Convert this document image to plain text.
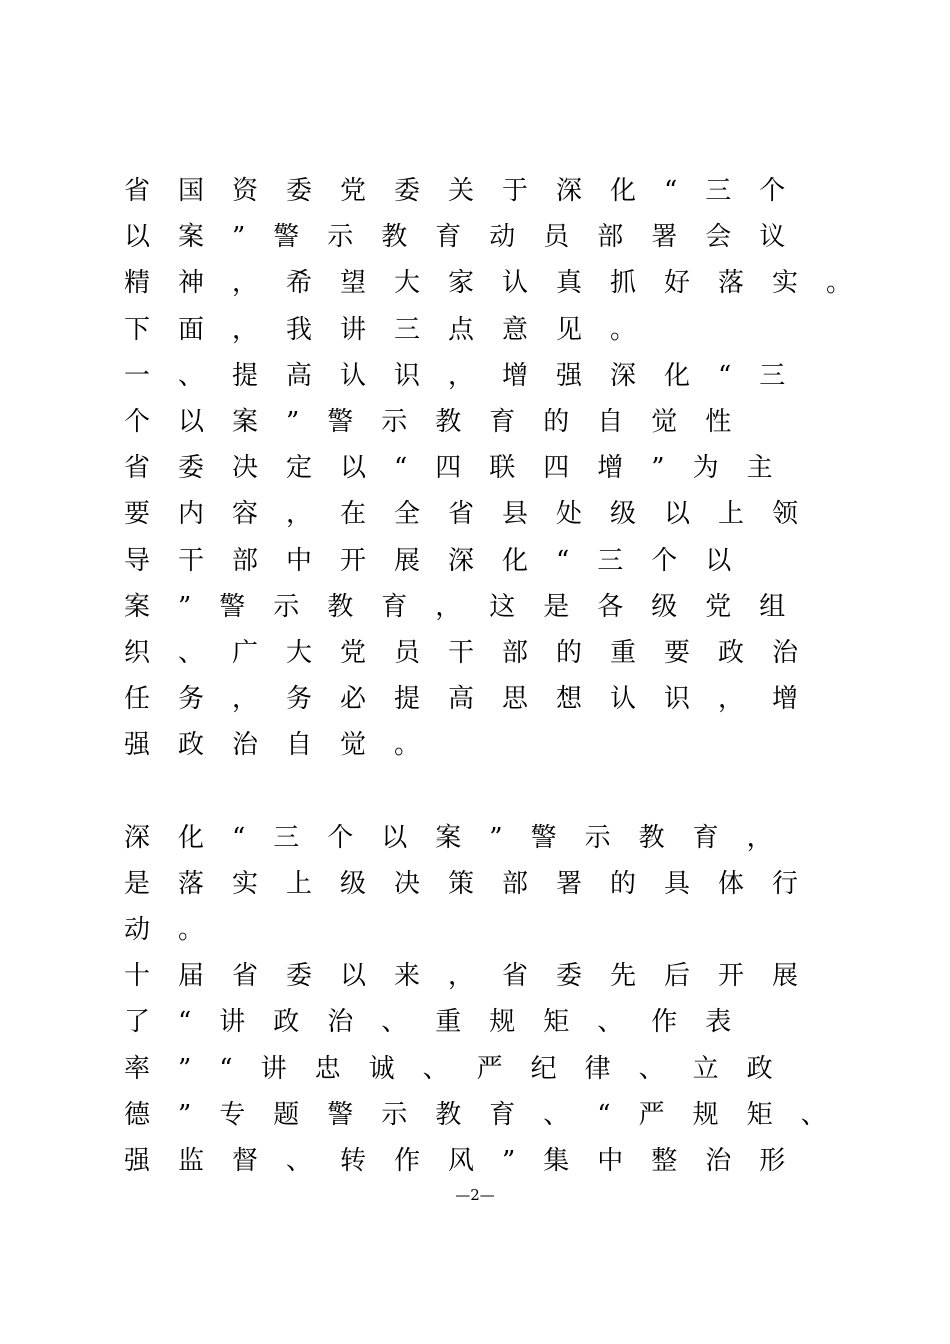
省国资委党委关于深化“三个
以案”警示教育动员部署会议
精神，希望大家认真抓好落实。
下面，我讲三点意见。
一、提高认识，增强深化“三
个以案”警示教育的自觉性
省委决定以“四联四增”为主
要内容，在全省县处级以上领
导干部中开展深化“三个以
案”警示教育，这是各级党组
织、广大党员干部的重要政治
任务，务必提高思想认识，增
强政治自觉。
深化“三个以案”警示教育，
是落实上级决策部署的具体行
动。
十届省委以来，省委先后开展
了“讲政治、重规矩、作表
率”“讲忠诚、严纪律、立政
德”专题警示教育、“严规矩、
强监督、转作风”集中整治形
—2—
